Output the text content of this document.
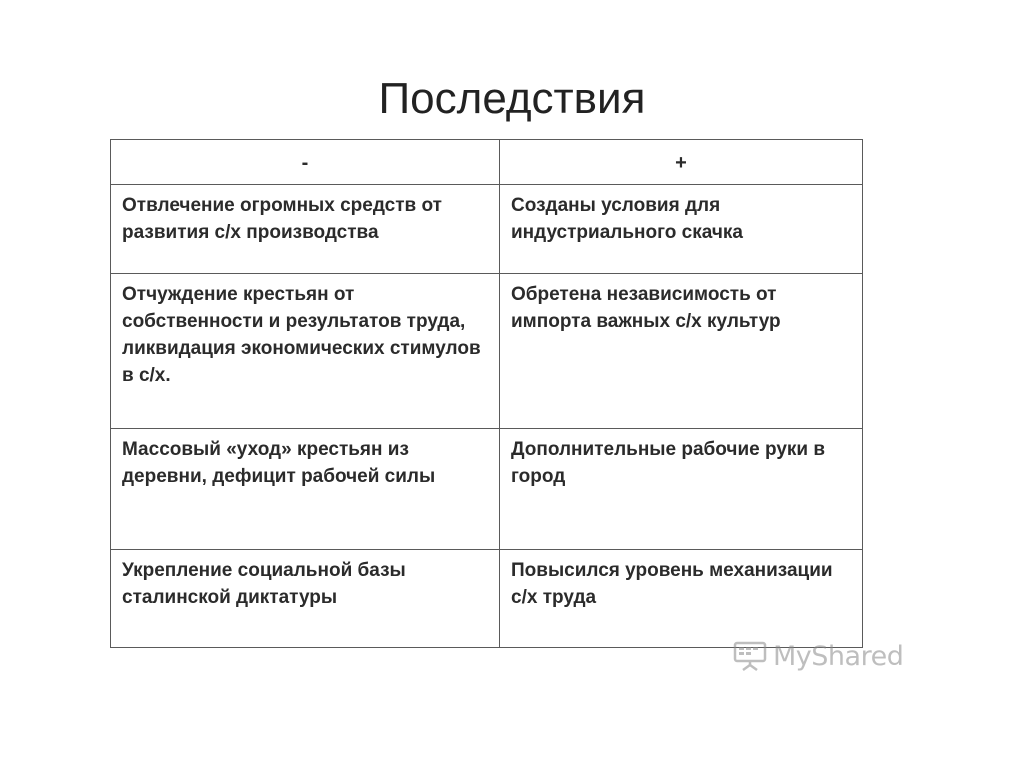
Последствия
-	+
Отвлечение огромных средств от развития с/х производства	Созданы условия для индустриального скачка
Отчуждение крестьян от собственности и результатов труда, ликвидация экономических стимулов в с/х.	Обретена независимость от импорта важных с/х культур
Массовый «уход» крестьян из деревни, дефицит рабочей силы	Дополнительные рабочие руки в город
Укрепление социальной базы сталинской диктатуры	Повысился уровень механизации с/х труда
MyShared
